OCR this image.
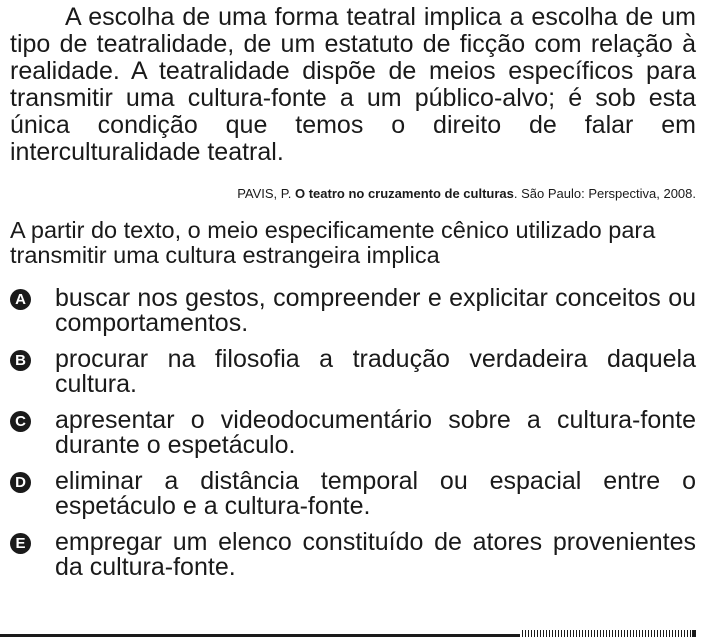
A escolha de uma forma teatral implica a escolha de um tipo de teatralidade, de um estatuto de ficção com relação à realidade. A teatralidade dispõe de meios específicos para transmitir uma cultura-fonte a um público-alvo; é sob esta única condição que temos o direito de falar em interculturalidade teatral.

PAVIS, P. O teatro no cruzamento de culturas. São Paulo: Perspectiva, 2008.

A partir do texto, o meio especificamente cênico utilizado para transmitir uma cultura estrangeira implica

A buscar nos gestos, compreender e explicitar conceitos ou comportamentos.
B procurar na filosofia a tradução verdadeira daquela cultura.
C apresentar o videodocumentário sobre a cultura-fonte durante o espetáculo.
D eliminar a distância temporal ou espacial entre o espetáculo e a cultura-fonte.
E empregar um elenco constituído de atores provenientes da cultura-fonte.
